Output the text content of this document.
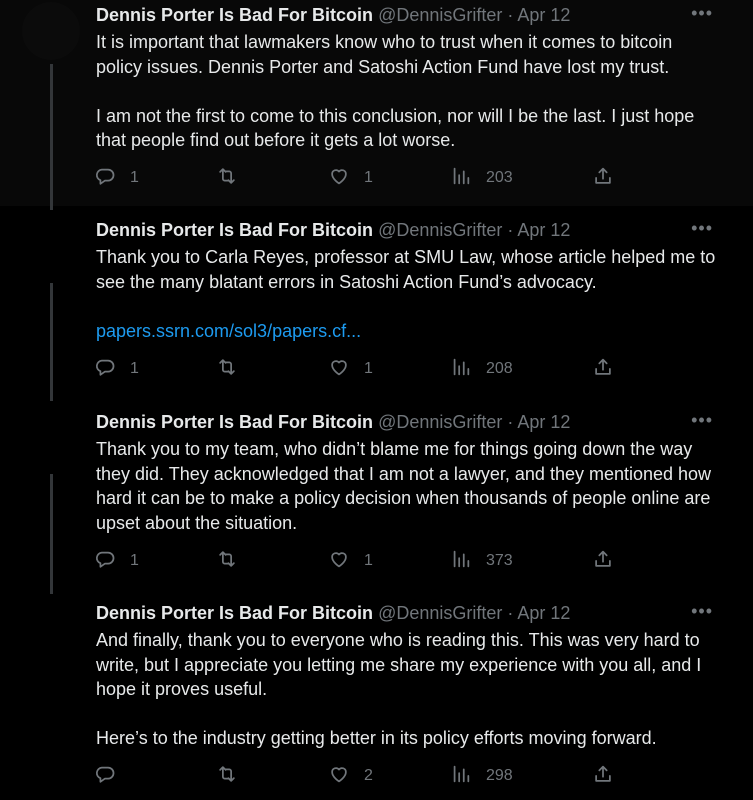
Dennis Porter Is Bad For Bitcoin @DennisGrifter · Apr 12	•••

It is important that lawmakers know who to trust when it comes to bitcoin policy issues. Dennis Porter and Satoshi Action Fund have lost my trust.

I am not the first to come to this conclusion, nor will I be the last. I just hope that people find out before it gets a lot worse.

1	1	203
Dennis Porter Is Bad For Bitcoin @DennisGrifter · Apr 12	•••

Thank you to Carla Reyes, professor at SMU Law, whose article helped me to see the many blatant errors in Satoshi Action Fund’s advocacy.

papers.ssrn.com/sol3/papers.cf...

1	1	208
Dennis Porter Is Bad For Bitcoin @DennisGrifter · Apr 12	•••

Thank you to my team, who didn’t blame me for things going down the way they did. They acknowledged that I am not a lawyer, and they mentioned how hard it can be to make a policy decision when thousands of people online are upset about the situation.

1	1	373
Dennis Porter Is Bad For Bitcoin @DennisGrifter · Apr 12	•••

And finally, thank you to everyone who is reading this. This was very hard to write, but I appreciate you letting me share my experience with you all, and I hope it proves useful.

Here’s to the industry getting better in its policy efforts moving forward.

2	298
